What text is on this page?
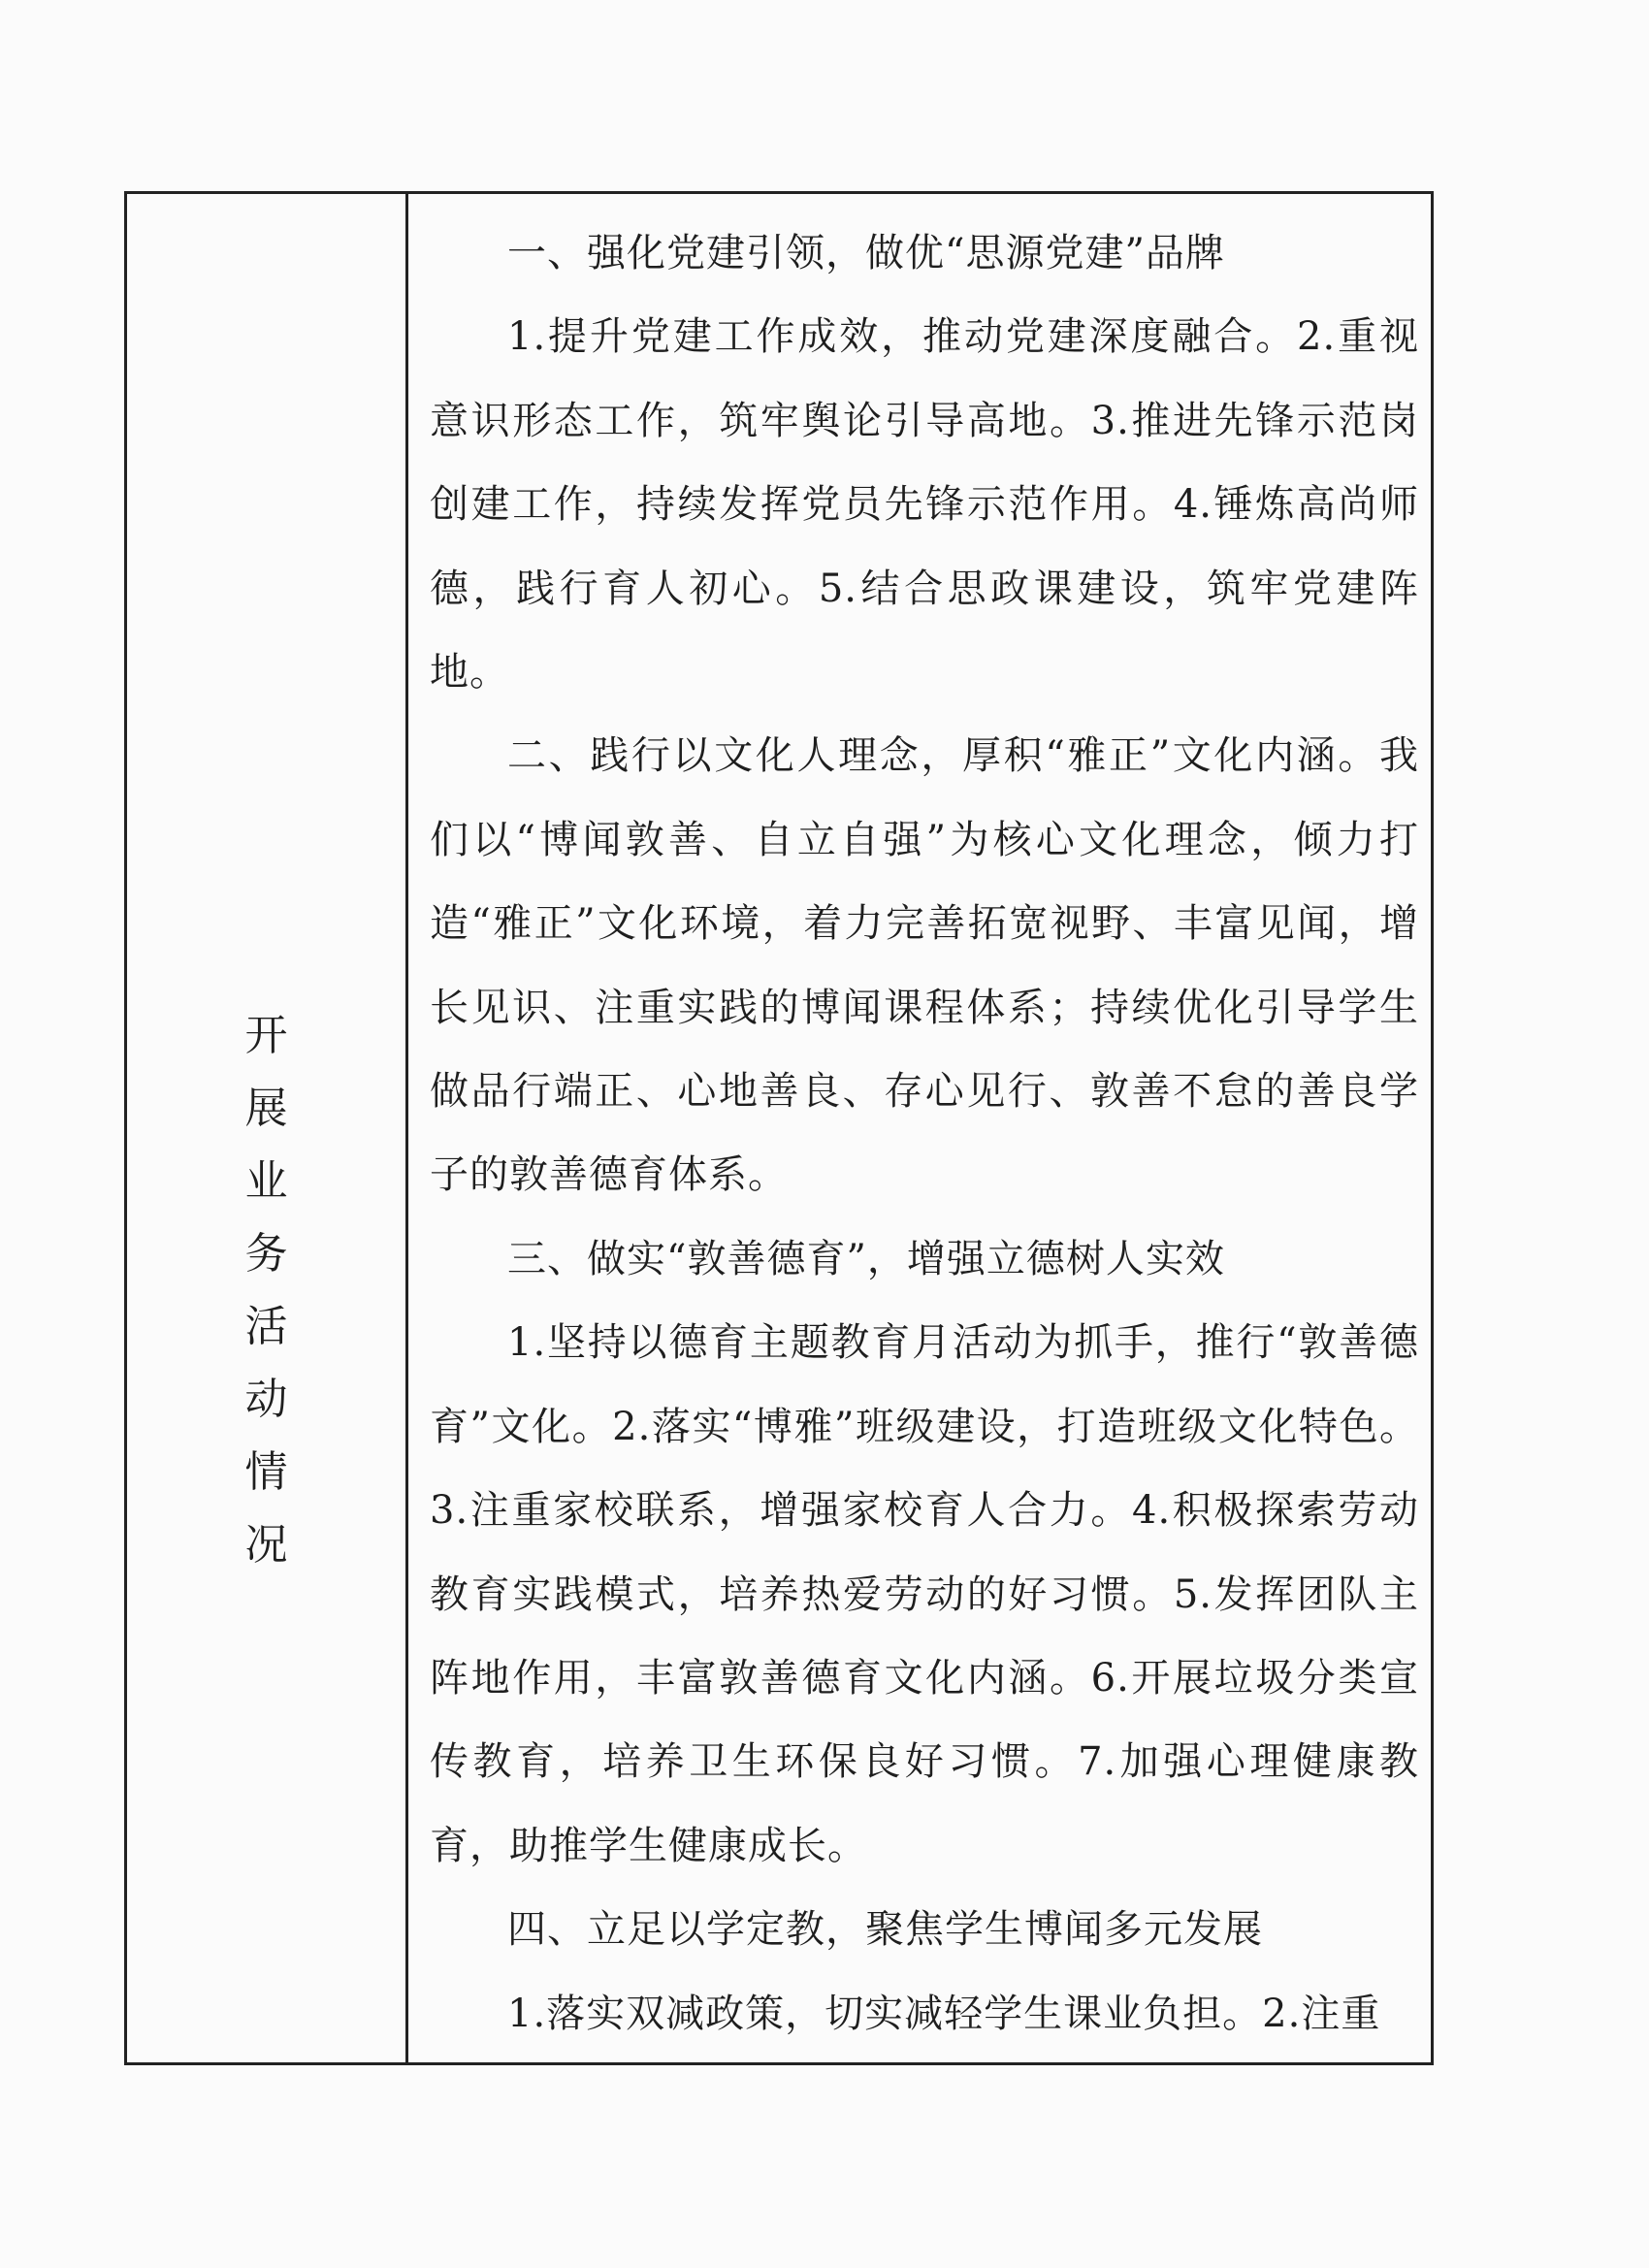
开
展
业
务
活
动
情
况

一、强化党建引领，做优“思源党建”品牌

1.提升党建工作成效，推动党建深度融合。2.重视意识形态工作，筑牢舆论引导高地。3.推进先锋示范岗创建工作，持续发挥党员先锋示范作用。4.锤炼高尚师德，践行育人初心。5.结合思政课建设，筑牢党建阵地。

二、践行以文化人理念，厚积“雅正”文化内涵。我们以“博闻敦善、自立自强”为核心文化理念，倾力打造“雅正”文化环境，着力完善拓宽视野、丰富见闻，增长见识、注重实践的博闻课程体系；持续优化引导学生做品行端正、心地善良、存心见行、敦善不怠的善良学子的敦善德育体系。

三、做实“敦善德育”，增强立德树人实效

1.坚持以德育主题教育月活动为抓手，推行“敦善德育”文化。2.落实“博雅”班级建设，打造班级文化特色。3.注重家校联系，增强家校育人合力。4.积极探索劳动教育实践模式，培养热爱劳动的好习惯。5.发挥团队主阵地作用，丰富敦善德育文化内涵。6.开展垃圾分类宣传教育，培养卫生环保良好习惯。7.加强心理健康教育，助推学生健康成长。

四、立足以学定教，聚焦学生博闻多元发展

1.落实双减政策，切实减轻学生课业负担。2.注重
